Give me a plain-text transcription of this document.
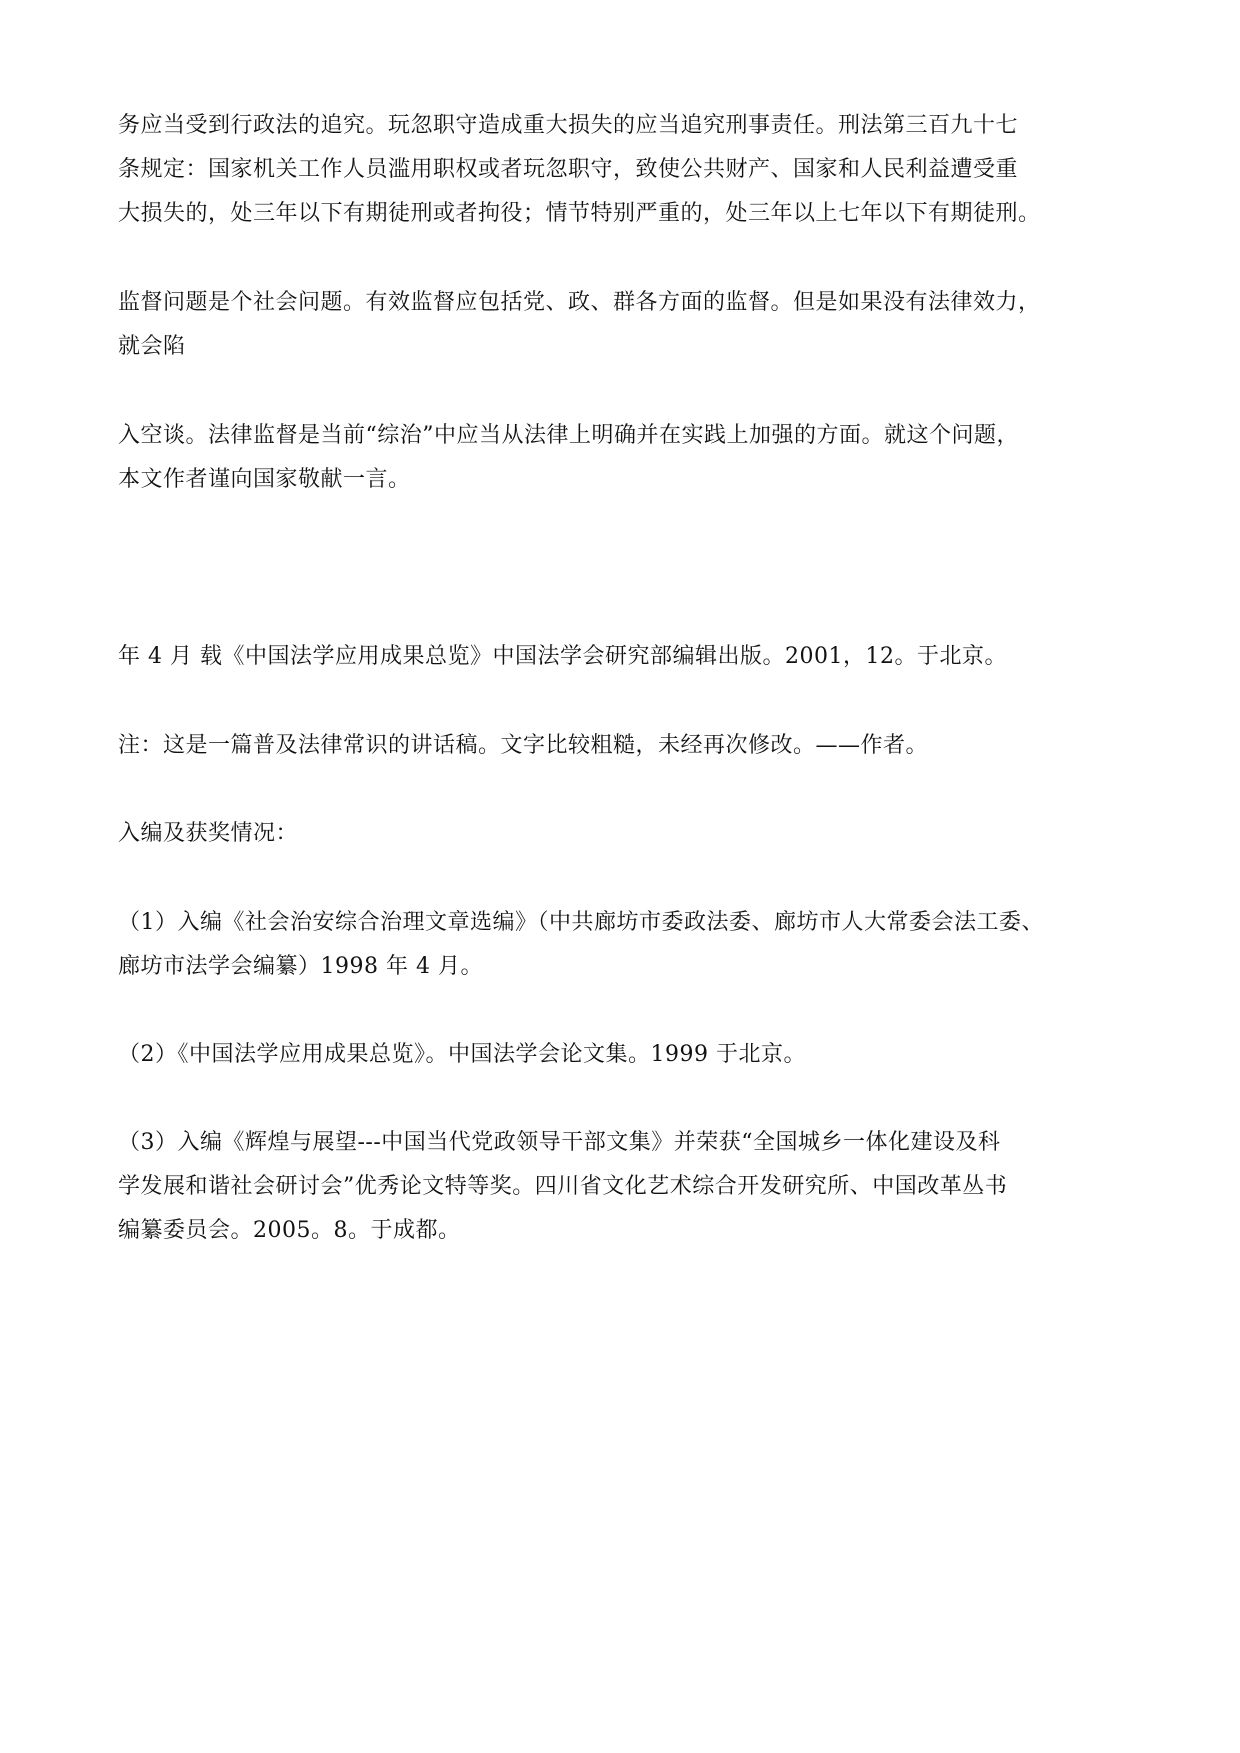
务应当受到行政法的追究。玩忽职守造成重大损失的应当追究刑事责任。刑法第三百九十七
条规定：国家机关工作人员滥用职权或者玩忽职守，致使公共财产、国家和人民利益遭受重
大损失的，处三年以下有期徒刑或者拘役；情节特别严重的，处三年以上七年以下有期徒刑。
监督问题是个社会问题。有效监督应包括党、政、群各方面的监督。但是如果没有法律效力，
就会陷
入空谈。法律监督是当前“综治”中应当从法律上明确并在实践上加强的方面。就这个问题，
本文作者谨向国家敬献一言。
年 4 月 载《中国法学应用成果总览》中国法学会研究部编辑出版。2001，12。于北京。
注：这是一篇普及法律常识的讲话稿。文字比较粗糙，未经再次修改。——作者。
入编及获奖情况：
（1）入编《社会治安综合治理文章选编》（中共廊坊市委政法委、廊坊市人大常委会法工委、
廊坊市法学会编纂）1998 年 4 月。
（2）《中国法学应用成果总览》。中国法学会论文集。1999 于北京。
（3）入编《辉煌与展望---中国当代党政领导干部文集》并荣获“全国城乡一体化建设及科
学发展和谐社会研讨会”优秀论文特等奖。四川省文化艺术综合开发研究所、中国改革丛书
编纂委员会。2005。8。于成都。
